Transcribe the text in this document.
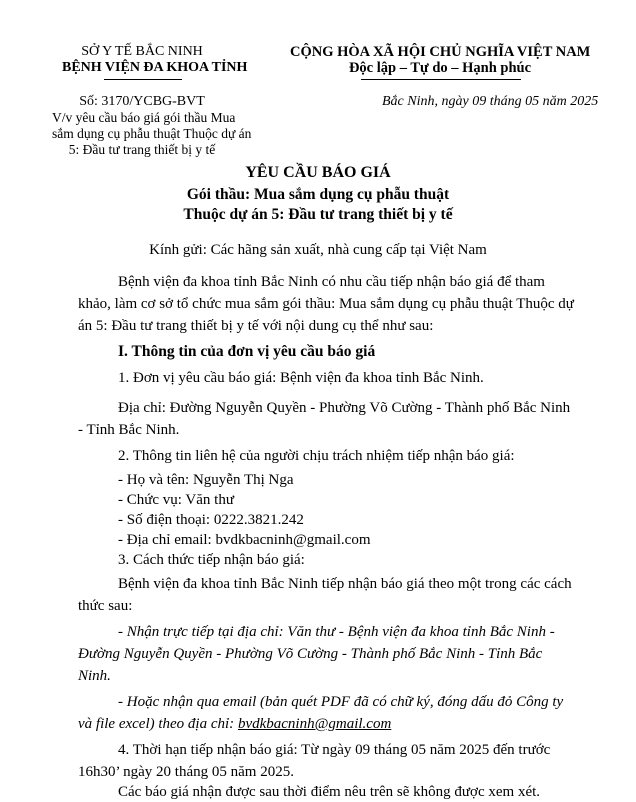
SỞ Y TẾ BẮC NINH
BỆNH VIỆN ĐA KHOA TỈNH
CỘNG HÒA XÃ HỘI CHỦ NGHĨA VIỆT NAM
Độc lập – Tự do – Hạnh phúc
Số: 3170/YCBG-BVT	Bắc Ninh, ngày 09 tháng 05 năm 2025
V/v yêu cầu báo giá gói thầu Mua
sắm dụng cụ phẫu thuật Thuộc dự án
5: Đầu tư trang thiết bị y tế
YÊU CẦU BÁO GIÁ
Gói thầu: Mua sắm dụng cụ phẫu thuật
Thuộc dự án 5: Đầu tư trang thiết bị y tế
Kính gửi: Các hãng sản xuất, nhà cung cấp tại Việt Nam
Bệnh viện đa khoa tỉnh Bắc Ninh có nhu cầu tiếp nhận báo giá để tham
khảo, làm cơ sở tổ chức mua sắm gói thầu: Mua sắm dụng cụ phẫu thuật Thuộc dự
án 5: Đầu tư trang thiết bị y tế với nội dung cụ thể như sau:
I. Thông tin của đơn vị yêu cầu báo giá
1. Đơn vị yêu cầu báo giá: Bệnh viện đa khoa tỉnh Bắc Ninh.
Địa chỉ: Đường Nguyễn Quyền - Phường Võ Cường - Thành phố Bắc Ninh
- Tỉnh Bắc Ninh.
2. Thông tin liên hệ của người chịu trách nhiệm tiếp nhận báo giá:
- Họ và tên: Nguyễn Thị Nga
- Chức vụ: Văn thư
- Số điện thoại: 0222.3821.242
- Địa chỉ email: bvdkbacninh@gmail.com
3. Cách thức tiếp nhận báo giá:
Bệnh viện đa khoa tỉnh Bắc Ninh tiếp nhận báo giá theo một trong các cách
thức sau:
- Nhận trực tiếp tại địa chỉ: Văn thư - Bệnh viện đa khoa tỉnh Bắc Ninh -
Đường Nguyễn Quyền - Phường Võ Cường - Thành phố Bắc Ninh - Tỉnh Bắc
Ninh.
- Hoặc nhận qua email (bản quét PDF đã có chữ ký, đóng dấu đỏ Công ty
và file excel) theo địa chỉ: bvdkbacninh@gmail.com
4. Thời hạn tiếp nhận báo giá: Từ ngày 09 tháng 05 năm 2025 đến trước
16h30’ ngày 20 tháng 05 năm 2025.
Các báo giá nhận được sau thời điểm nêu trên sẽ không được xem xét.
